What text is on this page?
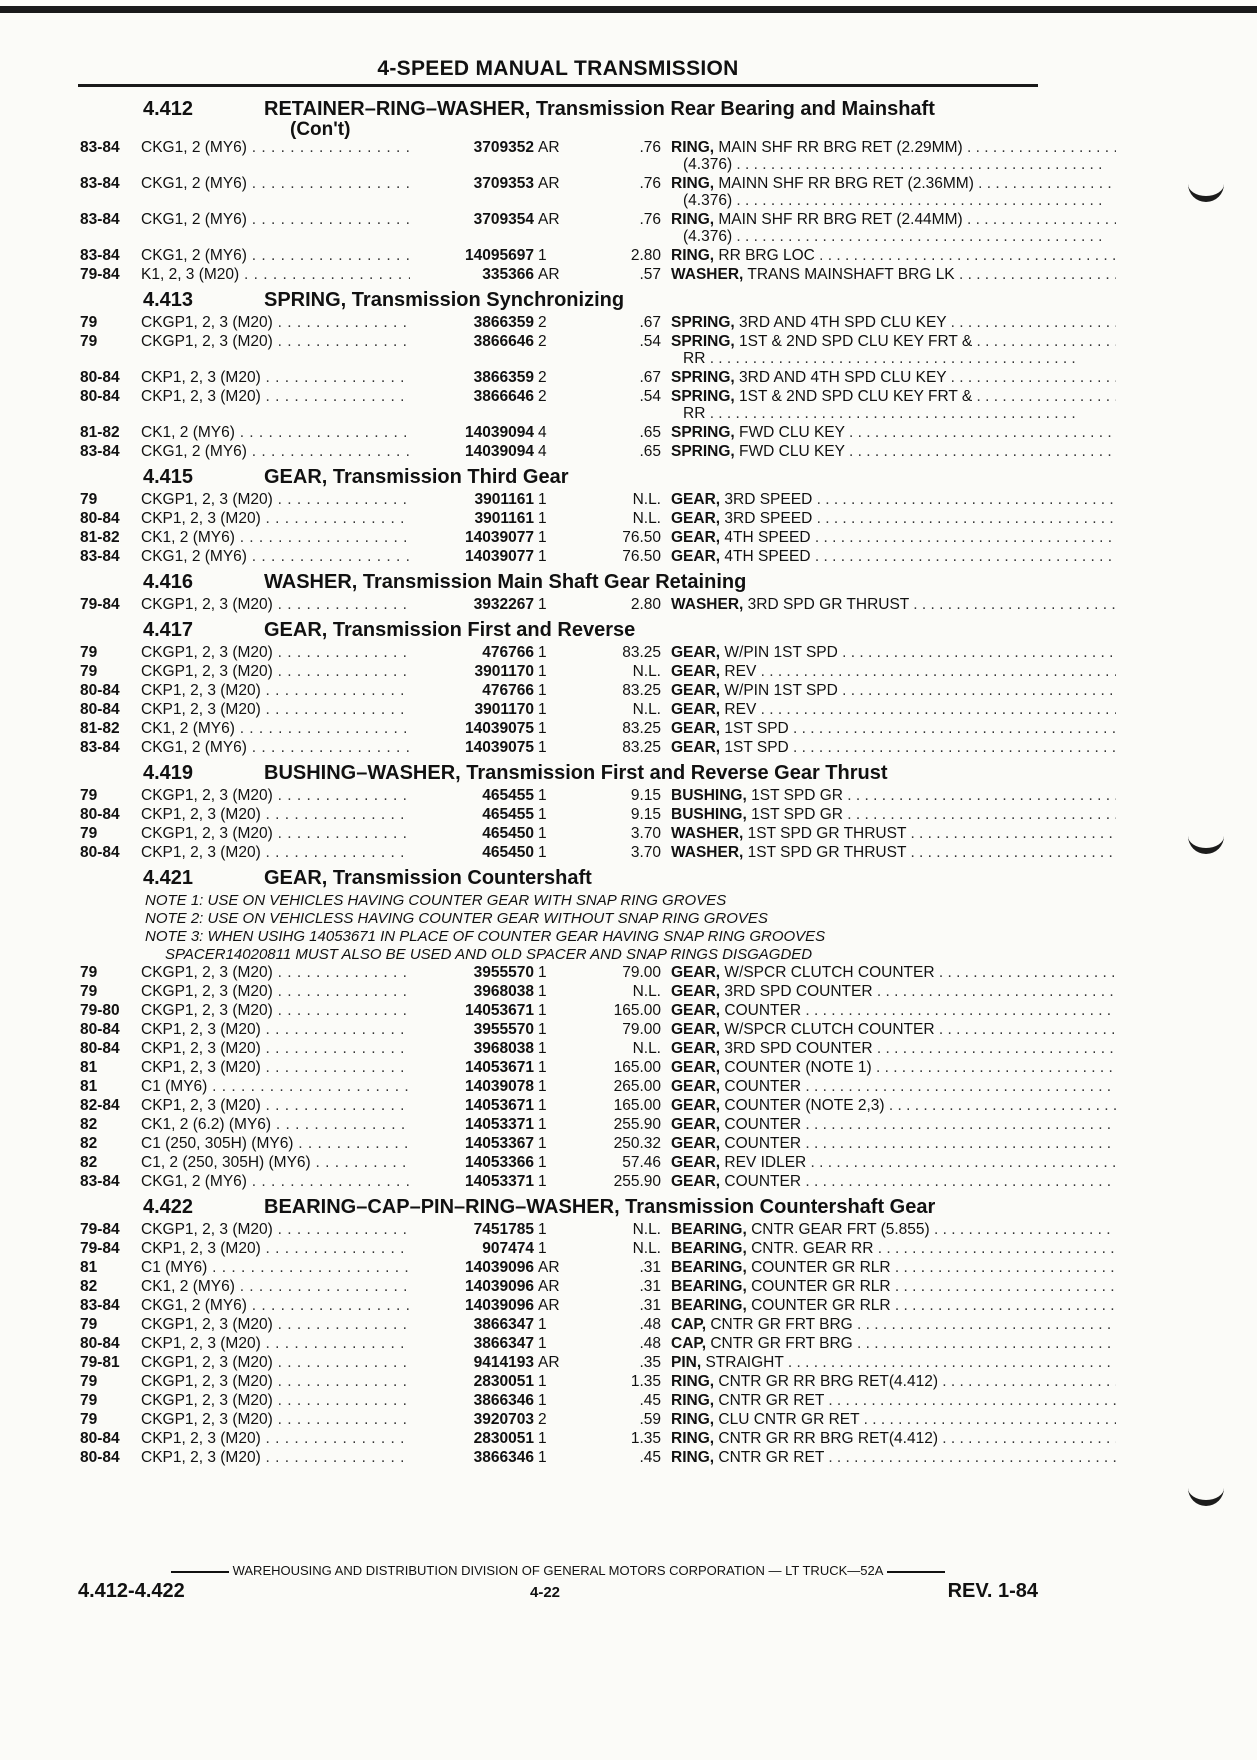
4-SPEED MANUAL TRANSMISSION
4.412	RETAINER–RING–WASHER, Transmission Rear Bearing and Mainshaft
(Con't)
83-84	CKG1, 2 (MY6) . . .	3709352 AR	.76 RING, MAIN SHF RR BRG RET (2.29MM) . . .
(4.376) . . .
83-84	CKG1, 2 (MY6) . . .	3709353 AR	.76 RING, MAINN SHF RR BRG RET (2.36MM) . . .
(4.376) . . .
83-84	CKG1, 2 (MY6) . . .	3709354 AR	.76 RING, MAIN SHF RR BRG RET (2.44MM) . . .
(4.376) . . .
83-84	CKG1, 2 (MY6) . . .	14095697 1	2.80 RING, RR BRG LOC . . .
79-84	K1, 2, 3 (M20) . . .	335366 AR	.57 WASHER, TRANS MAINSHAFT BRG LK . . .
4.413	SPRING, Transmission Synchronizing
79	CKGP1, 2, 3 (M20) . . .	3866359 2	.67 SPRING, 3RD AND 4TH SPD CLU KEY . . .
79	CKGP1, 2, 3 (M20) . . .	3866646 2	.54 SPRING, 1ST & 2ND SPD CLU KEY FRT & . . .
RR . . .
80-84	CKP1, 2, 3 (M20) . . .	3866359 2	.67 SPRING, 3RD AND 4TH SPD CLU KEY . . .
80-84	CKP1, 2, 3 (M20) . . .	3866646 2	.54 SPRING, 1ST & 2ND SPD CLU KEY FRT & . . .
RR . . .
81-82	CK1, 2 (MY6) . . .	14039094 4	.65 SPRING, FWD CLU KEY . . .
83-84	CKG1, 2 (MY6) . . .	14039094 4	.65 SPRING, FWD CLU KEY . . .
4.415	GEAR, Transmission Third Gear
79	CKGP1, 2, 3 (M20) . . .	3901161 1	N.L. GEAR, 3RD SPEED . . .
80-84	CKP1, 2, 3 (M20) . . .	3901161 1	N.L. GEAR, 3RD SPEED . . .
81-82	CK1, 2 (MY6) . . .	14039077 1	76.50 GEAR, 4TH SPEED . . .
83-84	CKG1, 2 (MY6) . . .	14039077 1	76.50 GEAR, 4TH SPEED . . .
4.416	WASHER, Transmission Main Shaft Gear Retaining
79-84	CKGP1, 2, 3 (M20) . . .	3932267 1	2.80 WASHER, 3RD SPD GR THRUST . . .
4.417	GEAR, Transmission First and Reverse
79	CKGP1, 2, 3 (M20) . . .	476766 1	83.25 GEAR, W/PIN 1ST SPD . . .
79	CKGP1, 2, 3 (M20) . . .	3901170 1	N.L. GEAR, REV . . .
80-84	CKP1, 2, 3 (M20) . . .	476766 1	83.25 GEAR, W/PIN 1ST SPD . . .
80-84	CKP1, 2, 3 (M20) . . .	3901170 1	N.L. GEAR, REV . . .
81-82	CK1, 2 (MY6) . . .	14039075 1	83.25 GEAR, 1ST SPD . . .
83-84	CKG1, 2 (MY6) . . .	14039075 1	83.25 GEAR, 1ST SPD . . .
4.419	BUSHING–WASHER, Transmission First and Reverse Gear Thrust
79	CKGP1, 2, 3 (M20) . . .	465455 1	9.15 BUSHING, 1ST SPD GR . . .
80-84	CKP1, 2, 3 (M20) . . .	465455 1	9.15 BUSHING, 1ST SPD GR . . .
79	CKGP1, 2, 3 (M20) . . .	465450 1	3.70 WASHER, 1ST SPD GR THRUST . . .
80-84	CKP1, 2, 3 (M20) . . .	465450 1	3.70 WASHER, 1ST SPD GR THRUST . . .
4.421	GEAR, Transmission Countershaft
NOTE 1: USE ON VEHICLES HAVING COUNTER GEAR WITH SNAP RING GROVES
NOTE 2: USE ON VEHICLESS HAVING COUNTER GEAR WITHOUT SNAP RING GROVES
NOTE 3: WHEN USIHG 14053671 IN PLACE OF COUNTER GEAR HAVING SNAP RING GROOVES
SPACER14020811 MUST ALSO BE USED AND OLD SPACER AND SNAP RINGS DISGAGDED
79	CKGP1, 2, 3 (M20) . . .	3955570 1	79.00 GEAR, W/SPCR CLUTCH COUNTER . . .
79	CKGP1, 2, 3 (M20) . . .	3968038 1	N.L. GEAR, 3RD SPD COUNTER . . .
79-80	CKGP1, 2, 3 (M20) . . .	14053671 1	165.00 GEAR, COUNTER . . .
80-84	CKP1, 2, 3 (M20) . . .	3955570 1	79.00 GEAR, W/SPCR CLUTCH COUNTER . . .
80-84	CKP1, 2, 3 (M20) . . .	3968038 1	N.L. GEAR, 3RD SPD COUNTER . . .
81	CKP1, 2, 3 (M20) . . .	14053671 1	165.00 GEAR, COUNTER (NOTE 1) . . .
81	C1 (MY6) . . .	14039078 1	265.00 GEAR, COUNTER . . .
82-84	CKP1, 2, 3 (M20) . . .	14053671 1	165.00 GEAR, COUNTER (NOTE 2,3) . . .
82	CK1, 2 (6.2) (MY6) . . .	14053371 1	255.90 GEAR, COUNTER . . .
82	C1 (250, 305H) (MY6) . . .	14053367 1	250.32 GEAR, COUNTER . . .
82	C1, 2 (250, 305H) (MY6) . . .	14053366 1	57.46 GEAR, REV IDLER . . .
83-84	CKG1, 2 (MY6) . . .	14053371 1	255.90 GEAR, COUNTER . . .
4.422	BEARING–CAP–PIN–RING–WASHER, Transmission Countershaft Gear
79-84	CKGP1, 2, 3 (M20) . . .	7451785 1	N.L. BEARING, CNTR GEAR FRT (5.855) . . .
79-84	CKP1, 2, 3 (M20) . . .	907474 1	N.L. BEARING, CNTR. GEAR RR . . .
81	C1 (MY6) . . .	14039096 AR	.31 BEARING, COUNTER GR RLR . . .
82	CK1, 2 (MY6) . . .	14039096 AR	.31 BEARING, COUNTER GR RLR . . .
83-84	CKG1, 2 (MY6) . . .	14039096 AR	.31 BEARING, COUNTER GR RLR . . .
79	CKGP1, 2, 3 (M20) . . .	3866347 1	.48 CAP, CNTR GR FRT BRG . . .
80-84	CKP1, 2, 3 (M20) . . .	3866347 1	.48 CAP, CNTR GR FRT BRG . . .
79-81	CKGP1, 2, 3 (M20) . . .	9414193 AR	.35 PIN, STRAIGHT . . .
79	CKGP1, 2, 3 (M20) . . .	2830051 1	1.35 RING, CNTR GR RR BRG RET(4.412) . . .
79	CKGP1, 2, 3 (M20) . . .	3866346 1	.45 RING, CNTR GR RET . . .
79	CKGP1, 2, 3 (M20) . . .	3920703 2	.59 RING, CLU CNTR GR RET . . .
80-84	CKP1, 2, 3 (M20) . . .	2830051 1	1.35 RING, CNTR GR RR BRG RET(4.412) . . .
80-84	CKP1, 2, 3 (M20) . . .	3866346 1	.45 RING, CNTR GR RET . . .
WAREHOUSING AND DISTRIBUTION DIVISION OF GENERAL MOTORS CORPORATION — LT TRUCK—52A
4.412-4.422	4-22	REV. 1-84
